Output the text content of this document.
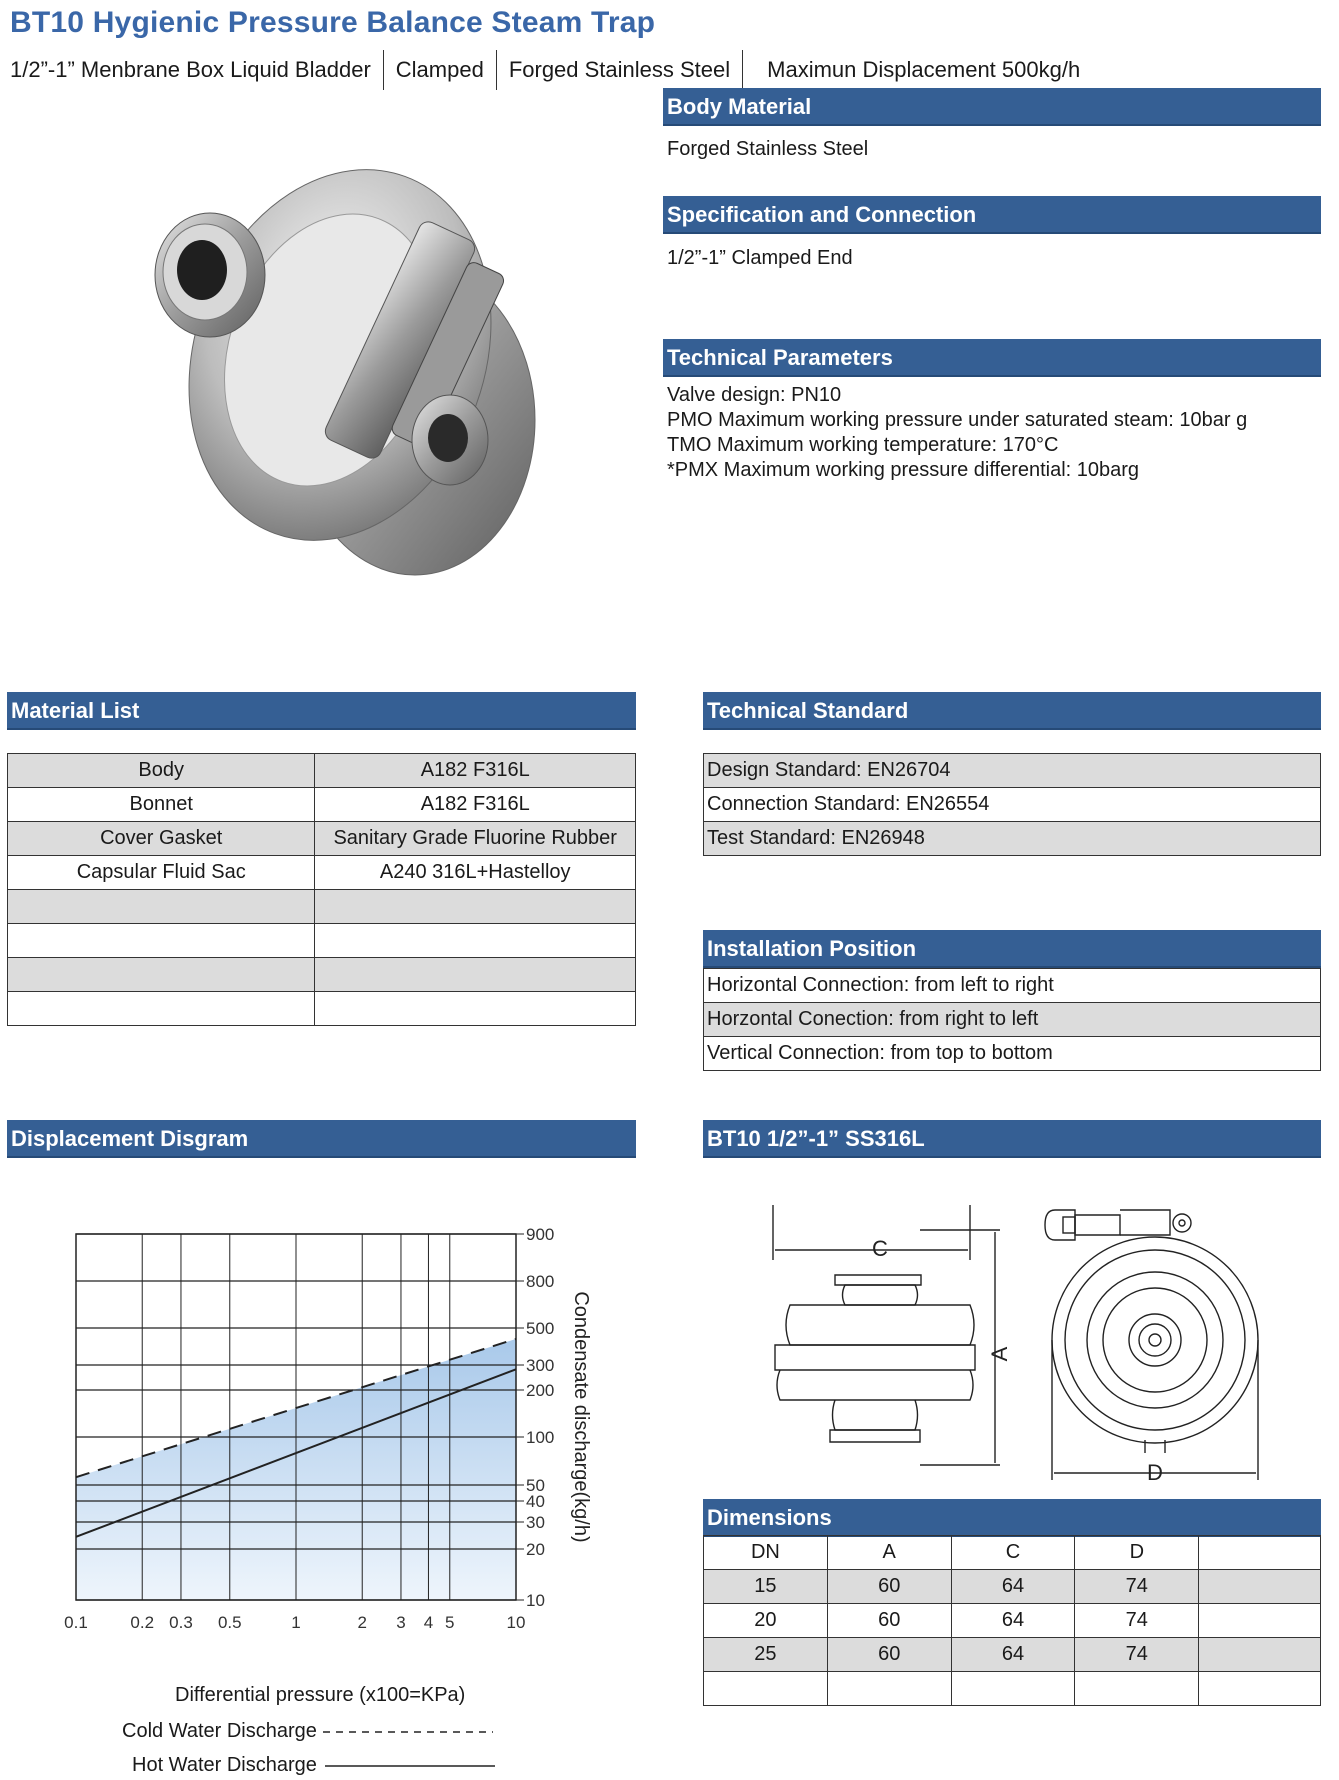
BT10 Hygienic Pressure Balance Steam Trap
1/2”-1” Menbrane Box Liquid Bladder Clamped Forged Stainless Steel Maximun Displacement 500kg/h
Body Material
Forged Stainless Steel
Specification and Connection
1/2”-1” Clamped End
Technical Parameters
Valve design: PN10
PMO Maximum working pressure under saturated steam: 10bar g
TMO Maximum working temperature: 170°C
*PMX Maximum working pressure differential: 10barg
Material List
Body	A182 F316L
Bonnet	A182 F316L
Cover Gasket	Sanitary Grade Fluorine Rubber
Capsular Fluid Sac	A240 316L+Hastelloy

Technical Standard
Design Standard: EN26704
Connection Standard: EN26554
Test Standard: EN26948
Installation Position
Horizontal Connection: from left to right
Horzontal Conection: from right to left
Vertical Connection: from top to bottom
Displacement Disgram
0.1	0.2 0.3 0.5	1	2 3 4 5	10
900
800
500
300
200
100
50
40
30
20
10
Condensate discharge(kg/h)
Differential pressure (x100=KPa)
Cold Water Discharge
Hot Water Discharge
BT10 1/2”-1” SS316L
C
A
D
Dimensions
DN	A	C	D	
15	60	64	74	
20	60	64	74	
25	60	64	74	
